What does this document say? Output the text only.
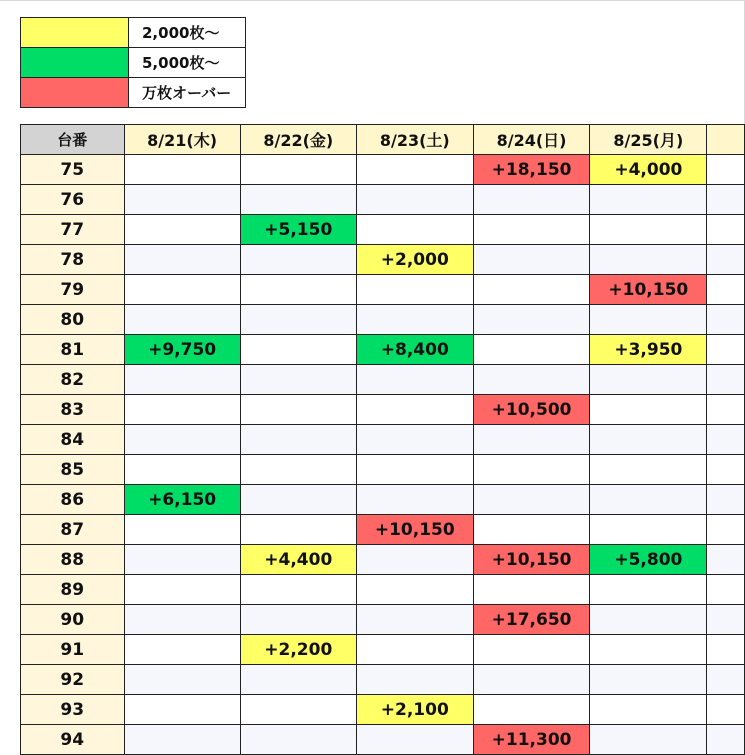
	2,000枚～
	5,000枚～
	万枚オーバー
台番	8/21(木)	8/22(金)	8/23(土)	8/24(日)	8/25(月)	
75				+18,150	+4,000	
76						
77		+5,150				
78			+2,000			
79					+10,150	
80						
81	+9,750		+8,400		+3,950	
82						
83				+10,500		
84						
85						
86	+6,150					
87			+10,150			
88		+4,400		+10,150	+5,800	
89						
90				+17,650		
91		+2,200				
92						
93			+2,100			
94				+11,300		
